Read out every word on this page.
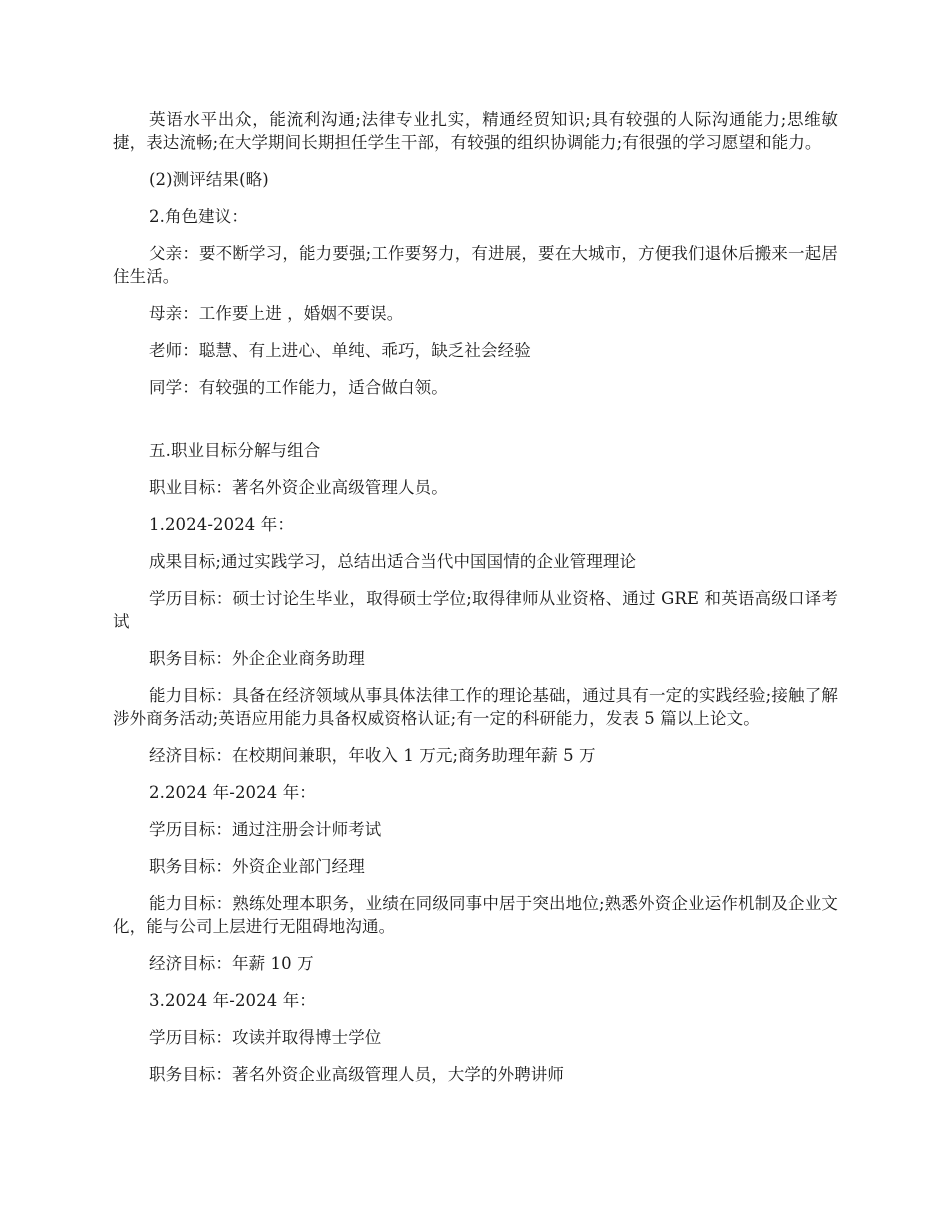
英语水平出众，能流利沟通;法律专业扎实，精通经贸知识;具有较强的人际沟通能力;思维敏捷，表达流畅;在大学期间长期担任学生干部，有较强的组织协调能力;有很强的学习愿望和能力。

(2)测评结果(略)

2.角色建议：

父亲：要不断学习，能力要强;工作要努力，有进展，要在大城市，方便我们退休后搬来一起居住生活。

母亲：工作要上进 ，婚姻不要误。

老师：聪慧、有上进心、单纯、乖巧，缺乏社会经验

同学：有较强的工作能力，适合做白领。

五.职业目标分解与组合

职业目标：著名外资企业高级管理人员。

1.2024-2024 年：

成果目标;通过实践学习，总结出适合当代中国国情的企业管理理论

学历目标：硕士讨论生毕业，取得硕士学位;取得律师从业资格、通过 GRE 和英语高级口译考试

职务目标：外企企业商务助理

能力目标：具备在经济领域从事具体法律工作的理论基础，通过具有一定的实践经验;接触了解涉外商务活动;英语应用能力具备权威资格认证;有一定的科研能力，发表 5 篇以上论文。

经济目标：在校期间兼职，年收入 1 万元;商务助理年薪 5 万

2.2024 年-2024 年：

学历目标：通过注册会计师考试

职务目标：外资企业部门经理

能力目标：熟练处理本职务，业绩在同级同事中居于突出地位;熟悉外资企业运作机制及企业文化，能与公司上层进行无阻碍地沟通。

经济目标：年薪 10 万

3.2024 年-2024 年：

学历目标：攻读并取得博士学位

职务目标：著名外资企业高级管理人员，大学的外聘讲师
